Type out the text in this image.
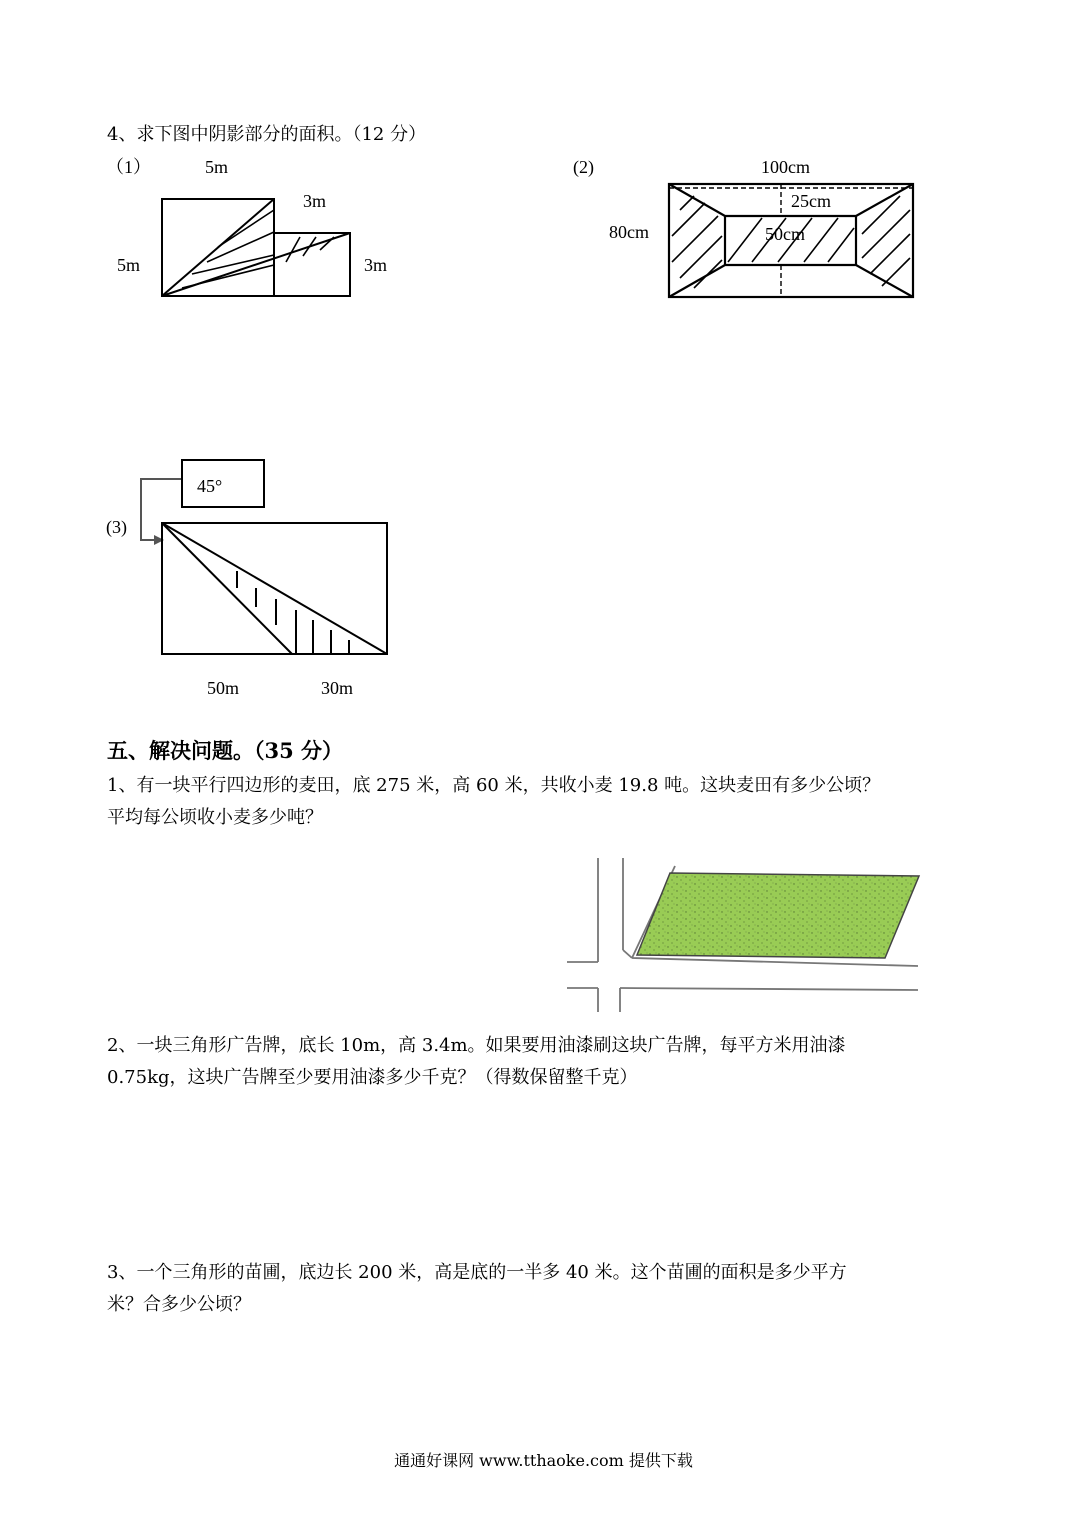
4、求下图中阴影部分的面积。（12 分）
（1）	5m
5m
3m
3m
(2)	100cm
80cm
25cm
50cm
(3)
45°
50m	30m
五、解决问题。（35 分）
1、有一块平行四边形的麦田，底 275 米，高 60 米，共收小麦 19.8 吨。这块麦田有多少公顷？
平均每公顷收小麦多少吨？
2、一块三角形广告牌，底长 10m，高 3.4m。如果要用油漆刷这块广告牌，每平方米用油漆
0.75kg，这块广告牌至少要用油漆多少千克？（得数保留整千克）
3、一个三角形的苗圃，底边长 200 米，高是底的一半多 40 米。这个苗圃的面积是多少平方
米？合多少公顷？
通通好课网 www.tthaoke.com 提供下载
